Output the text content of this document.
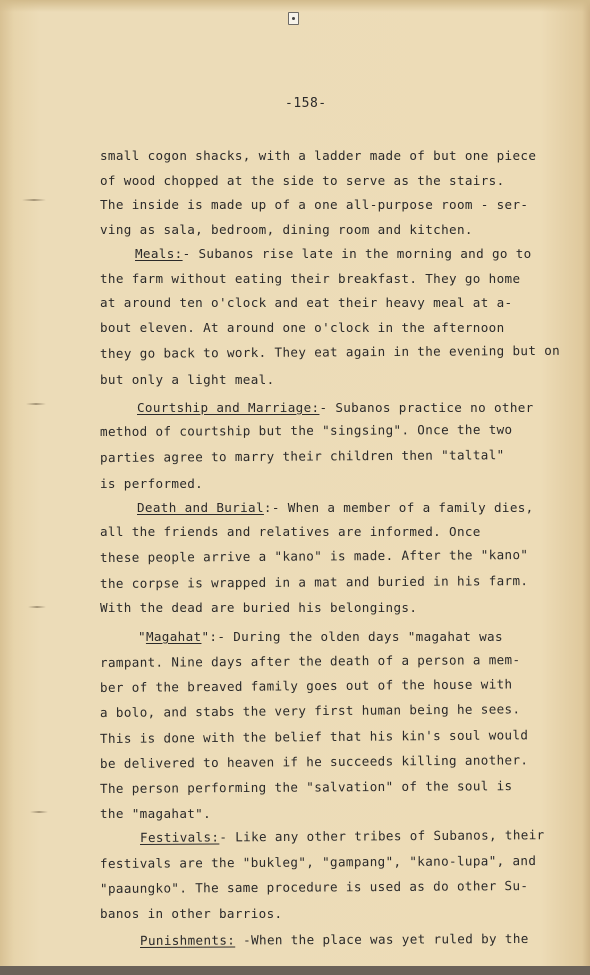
-158-
small cogon shacks, with a ladder made of but one piece
of wood chopped at the side to serve as the stairs.
The inside is made up of a one all-purpose room - ser-
ving as sala, bedroom, dining room and kitchen.
Meals:- Subanos rise late in the morning and go to
the farm without eating their breakfast. They go home
at around ten o'clock and eat their heavy meal at a-
bout eleven. At around one o'clock in the afternoon
they go back to work. They eat again in the evening but on
but only a light meal.
Courtship and Marriage:- Subanos practice no other
method of courtship but the "singsing". Once the two
parties agree to marry their children then "taltal"
is performed.
Death and Burial:- When a member of a family dies,
all the friends and relatives are informed. Once
these people arrive a "kano" is made. After the "kano"
the corpse is wrapped in a mat and buried in his farm.
With the dead are buried his belongings.
"Magahat":- During the olden days "magahat was
rampant. Nine days after the death of a person a mem-
ber of the breaved family goes out of the house with
a bolo, and stabs the very first human being he sees.
This is done with the belief that his kin's soul would
be delivered to heaven if he succeeds killing another.
The person performing the "salvation" of the soul is
the "magahat".
Festivals:- Like any other tribes of Subanos, their
festivals are the "bukleg", "gampang", "kano-lupa", and
"paaungko". The same procedure is used as do other Su-
banos in other barrios.
Punishments: -When the place was yet ruled by the
